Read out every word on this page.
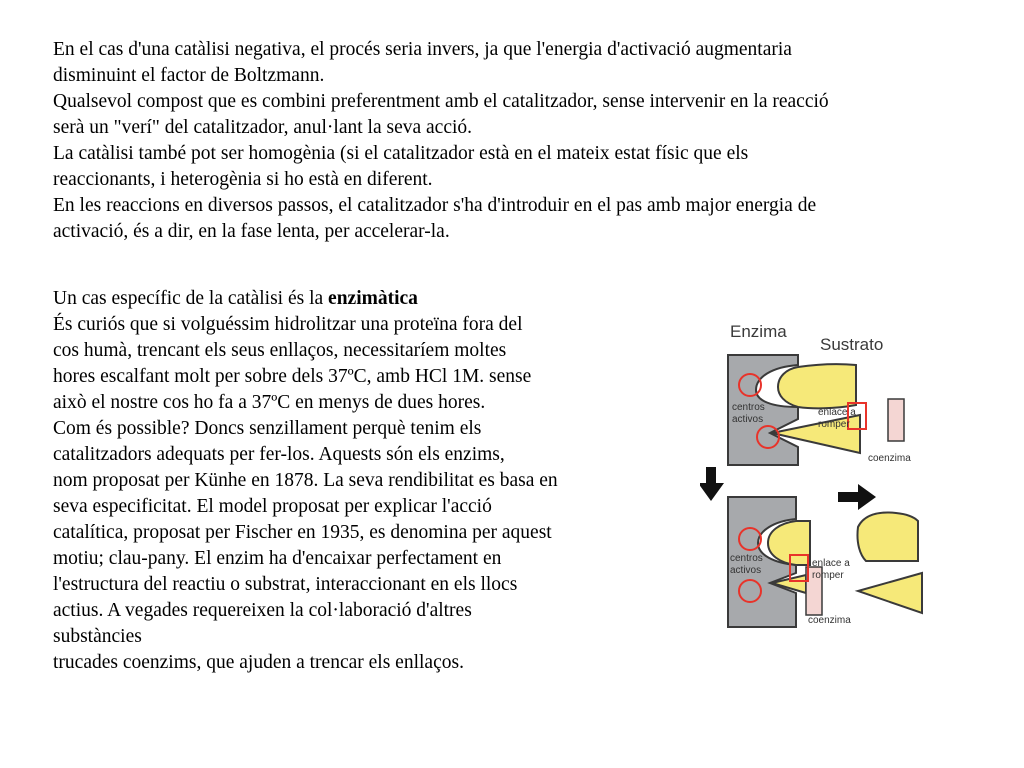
En el cas d'una catàlisi negativa, el procés seria invers, ja que l'energia d'activació augmentaria
disminuint el factor de Boltzmann.
Qualsevol compost que es combini preferentment amb el catalitzador, sense intervenir en la reacció
serà un "verí" del catalitzador, anul·lant la seva acció.
La catàlisi també pot ser homogènia (si el catalitzador està en el mateix estat físic que els
reaccionants, i heterogènia si ho està en diferent.
En les reaccions en diversos passos, el catalitzador s'ha d'introduir en el pas amb major energia de
activació, és a dir, en la fase lenta, per accelerar-la.
Un cas específic de la catàlisi és la enzimàtica
És curiós que si volguéssim hidrolitzar una proteïna fora del
cos humà, trencant els seus enllaços, necessitaríem moltes
hores escalfant molt per sobre dels 37ºC, amb HCl 1M. sense
això el nostre cos ho fa a 37ºC en menys de dues hores.
Com és possible? Doncs senzillament perquè tenim els
catalitzadors adequats per fer-los. Aquests són els enzims,
nom proposat per Künhe en 1878. La seva rendibilitat es basa en
seva especificitat. El model proposat per explicar l'acció
catalítica, proposat per Fischer en 1935, es denomina per aquest
motiu; clau-pany. El enzim ha d'encaixar perfectament en
l'estructura del reactiu o substrat, interaccionant en els llocs
actius. A vegades requereixen la col·laboració d'altres
substàncies
trucades coenzims, que ajuden a trencar els enllaços.
Enzima
Sustrato
centros
activos
enlace a
romper
coenzima
centros
activos
enlace a
romper
coenzima
